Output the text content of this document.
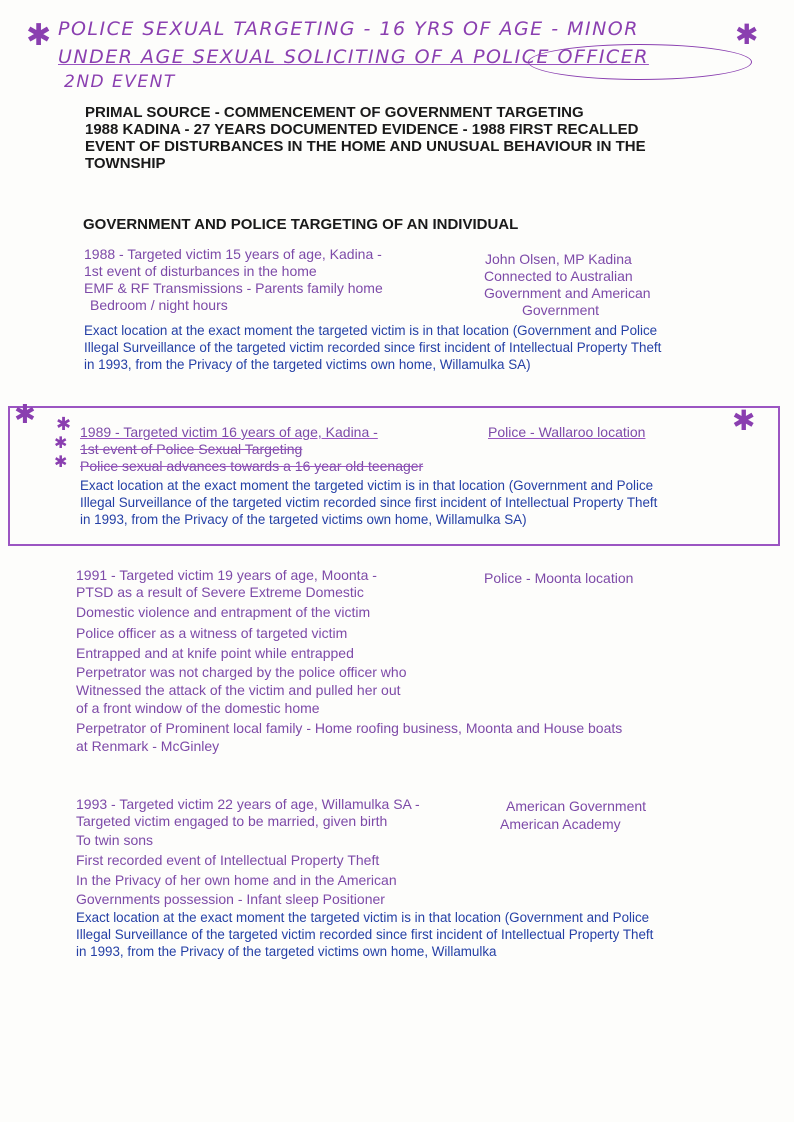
✱	✱
POLICE SEXUAL TARGETING - 16 YRS OF AGE - MINOR
UNDER AGE SEXUAL SOLICITING OF A POLICE OFFICER
2ND EVENT
PRIMAL SOURCE - COMMENCEMENT OF GOVERNMENT TARGETING
1988 KADINA - 27 YEARS DOCUMENTED EVIDENCE - 1988 FIRST RECALLED
EVENT OF DISTURBANCES IN THE HOME AND UNUSUAL BEHAVIOUR IN THE
TOWNSHIP
GOVERNMENT AND POLICE TARGETING OF AN INDIVIDUAL
1988 - Targeted victim 15 years of age, Kadina -
1st event of disturbances in the home
EMF & RF Transmissions - Parents family home
Bedroom / night hours
John Olsen, MP Kadina
Connected to Australian
Government and American
Government
Exact location at the exact moment the targeted victim is in that location (Government and Police
Illegal Surveillance of the targeted victim recorded since first incident of Intellectual Property Theft
in 1993, from the Privacy of the targeted victims own home, Willamulka SA)
✱	✱
✱
✱
✱
1989 - Targeted victim 16 years of age, Kadina -
1st event of Police Sexual Targeting
Police sexual advances towards a 16 year old teenager
Police - Wallaroo location
Exact location at the exact moment the targeted victim is in that location (Government and Police
Illegal Surveillance of the targeted victim recorded since first incident of Intellectual Property Theft
in 1993, from the Privacy of the targeted victims own home, Willamulka SA)
1991 - Targeted victim 19 years of age, Moonta -
PTSD as a result of Severe Extreme Domestic
Domestic violence and entrapment of the victim
Police officer as a witness of targeted victim
Entrapped and at knife point while entrapped
Perpetrator was not charged by the police officer who
Witnessed the attack of the victim and pulled her out
of a front window of the domestic home
Perpetrator of Prominent local family - Home roofing business, Moonta and House boats
at Renmark - McGinley
Police - Moonta location
1993 - Targeted victim 22 years of age, Willamulka SA -
Targeted victim engaged to be married, given birth
To twin sons
First recorded event of Intellectual Property Theft
In the Privacy of her own home and in the American
Governments possession - Infant sleep Positioner
American Government
American Academy
Exact location at the exact moment the targeted victim is in that location (Government and Police
Illegal Surveillance of the targeted victim recorded since first incident of Intellectual Property Theft
in 1993, from the Privacy of the targeted victims own home, Willamulka
